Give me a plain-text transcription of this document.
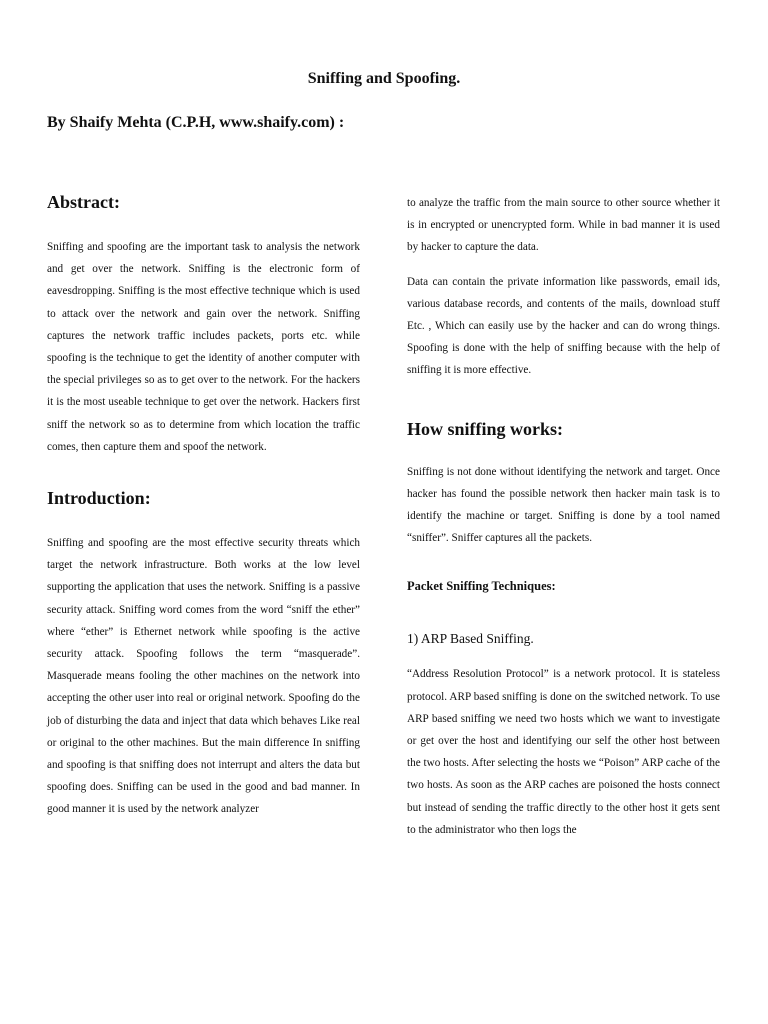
Sniffing and Spoofing.
By Shaify Mehta (C.P.H, www.shaify.com) :
Abstract:

Sniffing and spoofing are the important task to analysis the network and get over the network. Sniffing is the electronic form of eavesdropping. Sniffing is the most effective technique which is used to attack over the network and gain over the network. Sniffing captures the network traffic includes packets, ports etc. while spoofing is the technique to get the identity of another computer with the special privileges so as to get over to the network. For the hackers it is the most useable technique to get over the network. Hackers first sniff the network so as to determine from which location the traffic comes, then capture them and spoof the network.

Introduction:

Sniffing and spoofing are the most effective security threats which target the network infrastructure. Both works at the low level supporting the application that uses the network. Sniffing is a passive security attack. Sniffing word comes from the word “sniff the ether” where “ether” is Ethernet network while spoofing is the active security attack. Spoofing follows the term “masquerade”. Masquerade means fooling the other machines on the network into accepting the other user into real or original network. Spoofing do the job of disturbing the data and inject that data which behaves Like real or original to the other machines. But the main difference In sniffing and spoofing is that sniffing does not interrupt and alters the data but spoofing does. Sniffing can be used in the good and bad manner. In good manner it is used by the network analyzer

to analyze the traffic from the main source to other source whether it is in encrypted or unencrypted form. While in bad manner it is used by hacker to capture the data.

Data can contain the private information like passwords, email ids, various database records, and contents of the mails, download stuff Etc. , Which can easily use by the hacker and can do wrong things. Spoofing is done with the help of sniffing because with the help of sniffing it is more effective.

How sniffing works:

Sniffing is not done without identifying the network and target. Once hacker has found the possible network then hacker main task is to identify the machine or target. Sniffing is done by a tool named “sniffer”. Sniffer captures all the packets.

Packet Sniffing Techniques:
1) ARP Based Sniffing.

“Address Resolution Protocol” is a network protocol. It is stateless protocol. ARP based sniffing is done on the switched network. To use ARP based sniffing we need two hosts which we want to investigate or get over the host and identifying our self the other host between the two hosts. After selecting the hosts we “Poison” ARP cache of the two hosts. As soon as the ARP caches are poisoned the hosts connect but instead of sending the traffic directly to the other host it gets sent to the administrator who then logs the
